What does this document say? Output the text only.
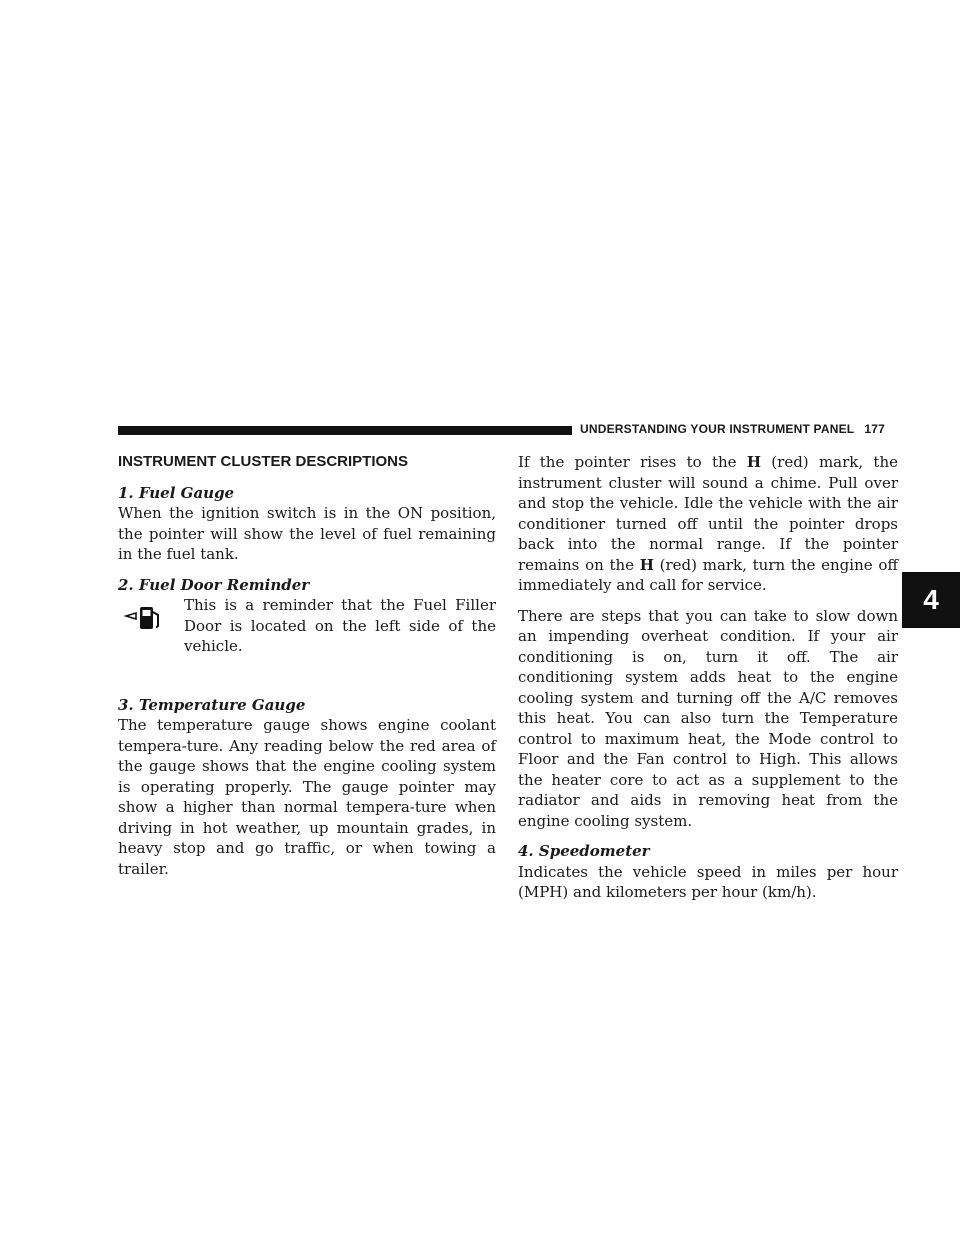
UNDERSTANDING YOUR INSTRUMENT PANEL 177
4
INSTRUMENT CLUSTER DESCRIPTIONS
1. Fuel Gauge

When the ignition switch is in the ON position, the pointer will show the level of fuel remaining in the fuel tank.

2. Fuel Door Reminder

This is a reminder that the Fuel Filler Door is located on the left side of the vehicle.

3. Temperature Gauge

The temperature gauge shows engine coolant tempera-ture. Any reading below the red area of the gauge shows that the engine cooling system is operating properly. The gauge pointer may show a higher than normal tempera-ture when driving in hot weather, up mountain grades, in heavy stop and go traffic, or when towing a trailer.

If the pointer rises to the H (red) mark, the instrument cluster will sound a chime. Pull over and stop the vehicle. Idle the vehicle with the air conditioner turned off until the pointer drops back into the normal range. If the pointer remains on the H (red) mark, turn the engine off immediately and call for service.

There are steps that you can take to slow down an impending overheat condition. If your air conditioning is on, turn it off. The air conditioning system adds heat to the engine cooling system and turning off the A/C removes this heat. You can also turn the Temperature control to maximum heat, the Mode control to Floor and the Fan control to High. This allows the heater core to act as a supplement to the radiator and aids in removing heat from the engine cooling system.

4. Speedometer

Indicates the vehicle speed in miles per hour (MPH) and kilometers per hour (km/h).
